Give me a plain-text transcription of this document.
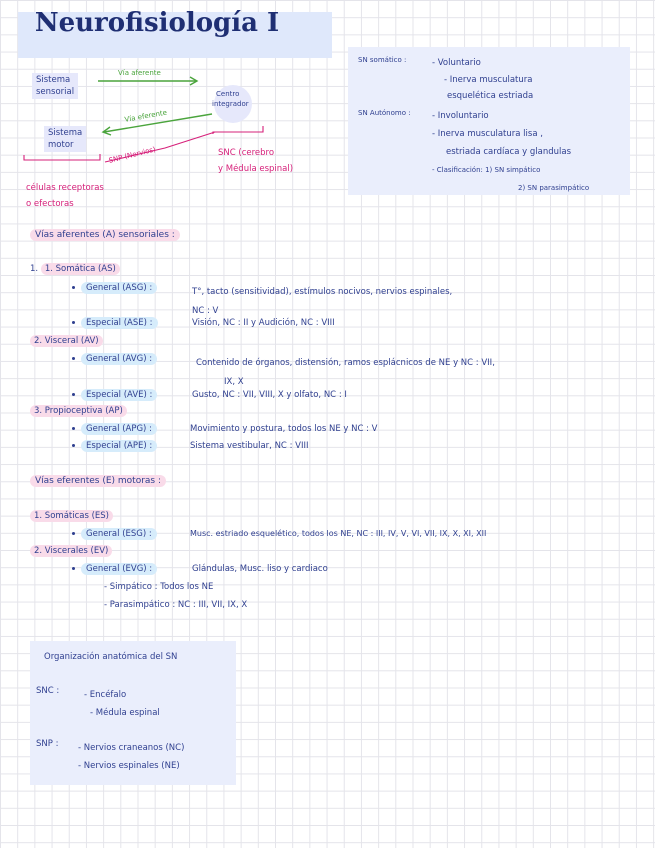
Neurofisiología I
Sistema
sensorial
Sistema
motor
Centro
integrador
Vía aferente
Vía eferente
SNP (Nervios)	SNC (cerebro
y Médula espinal)
células receptoras
o efectoras
SN somático :	- Voluntario
- Inerva musculatura
esquelética estriada
SN Autónomo :	- Involuntario
- Inerva musculatura lisa ,
estriada cardíaca y glandulas
- Clasificación: 1) SN simpático
2) SN parasimpático
Vías aferentes (A) sensoriales :
1. 1. Somática (AS)
General (ASG) :	T°, tacto (sensitividad), estímulos nocivos, nervios espinales,
NC : V
Especial (ASE) :	Visión, NC : II y Audición, NC : VIII
2. Visceral (AV)
General (AVG) :	Contenido de órganos, distensión, ramos esplácnicos de NE y NC : VII,
IX, X
Especial (AVE) :	Gusto, NC : VII, VIII, X y olfato, NC : I
3. Propioceptiva (AP)
General (APG) :	Movimiento y postura, todos los NE y NC : V
Especial (APE) :	Sistema vestibular, NC : VIII
Vías eferentes (E) motoras :
1. Somáticas (ES)
General (ESG) :	Musc. estriado esquelético, todos los NE, NC : III, IV, V, VI, VII, IX, X, XI, XII
2. Viscerales (EV)
General (EVG) :	Glándulas, Musc. liso y cardiaco
- Simpático : Todos los NE
- Parasimpático : NC : III, VII, IX, X
Organización anatómica del SN
SNC :	- Encéfalo
- Médula espinal
SNP : - Nervios craneanos (NC)
- Nervios espinales (NE)
